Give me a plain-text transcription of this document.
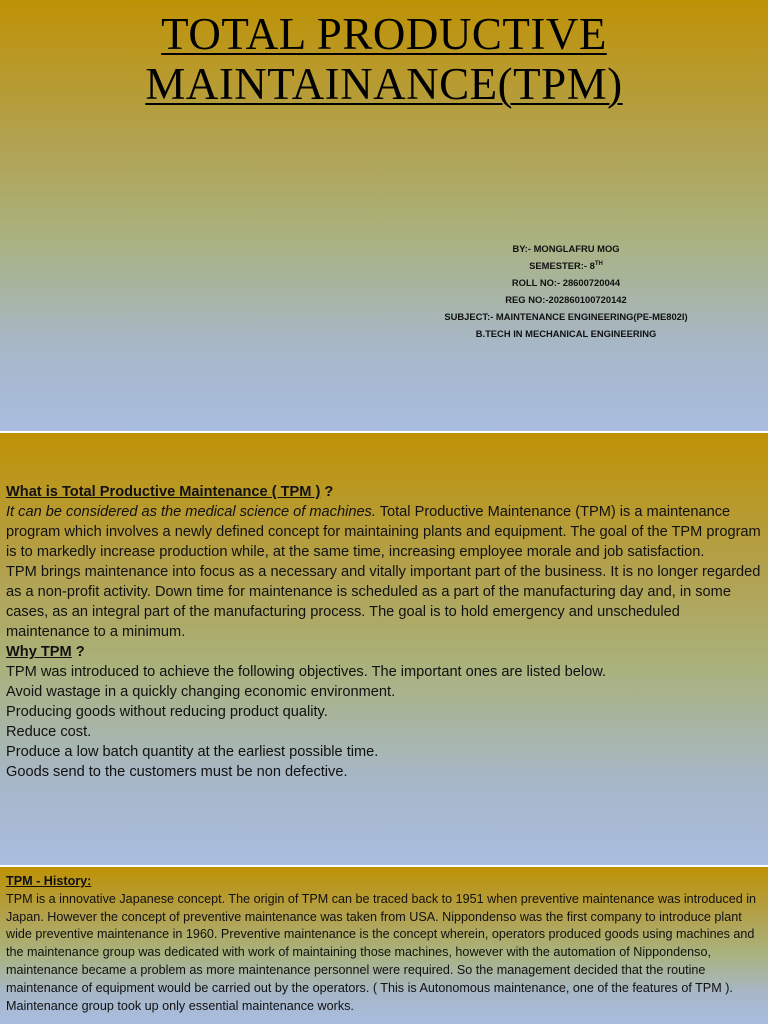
TOTAL PRODUCTIVE
MAINTAINANCE(TPM)
BY:- MONGLAFRU MOG
SEMESTER:- 8TH
ROLL NO:- 28600720044
REG NO:-202860100720142
SUBJECT:- MAINTENANCE ENGINEERING(PE-ME802I)
B.TECH IN MECHANICAL ENGINEERING

What is Total Productive Maintenance ( TPM ) ?

It can be considered as the medical science of machines. Total Productive Maintenance (TPM) is a maintenance program which involves a newly defined concept for maintaining plants and equipment. The goal of the TPM program is to markedly increase production while, at the same time, increasing employee morale and job satisfaction.

TPM brings maintenance into focus as a necessary and vitally important part of the business. It is no longer regarded as a non-profit activity. Down time for maintenance is scheduled as a part of the manufacturing day and, in some cases, as an integral part of the manufacturing process. The goal is to hold emergency and unscheduled maintenance to a minimum.

Why TPM ?

TPM was introduced to achieve the following objectives. The important ones are listed below.

Avoid wastage in a quickly changing economic environment.

Producing goods without reducing product quality.

Reduce cost.

Produce a low batch quantity at the earliest possible time.

Goods send to the customers must be non defective.

TPM - History:

TPM is a innovative Japanese concept. The origin of TPM can be traced back to 1951 when preventive maintenance was introduced in Japan. However the concept of preventive maintenance was taken from USA. Nippondenso was the first company to introduce plant wide preventive maintenance in 1960. Preventive maintenance is the concept wherein, operators produced goods using machines and the maintenance group was dedicated with work of maintaining those machines, however with the automation of Nippondenso, maintenance became a problem as more maintenance personnel were required. So the management decided that the routine maintenance of equipment would be carried out by the operators. ( This is Autonomous maintenance, one of the features of TPM ). Maintenance group took up only essential maintenance works.
